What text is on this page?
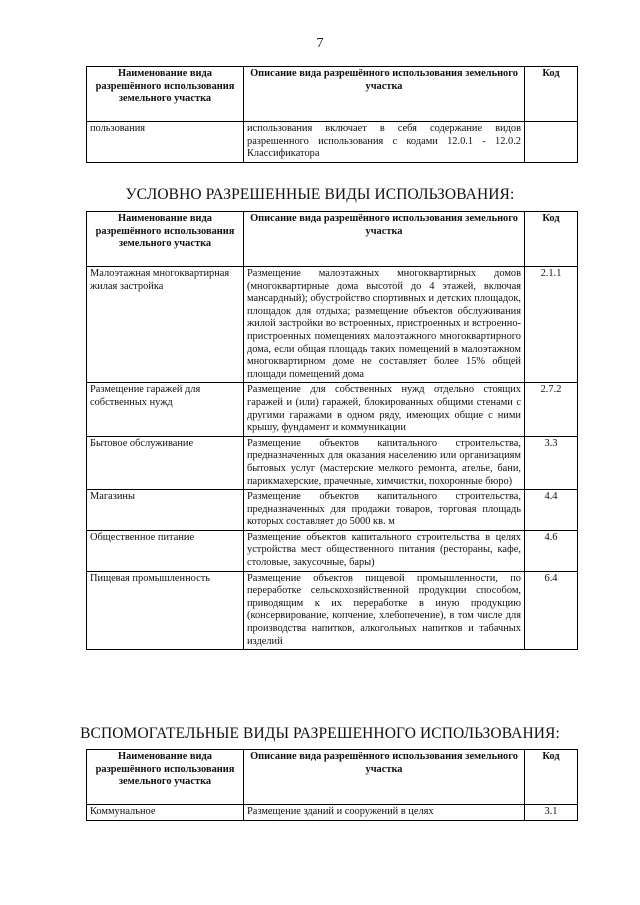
7
Наименование вида разрешённого использования земельного участка	Описание вида разрешённого использования земельного участка	Код
пользования	использования включает в себя содержание видов разрешенного использования с кодами 12.0.1 - 12.0.2 Классификатора	
УСЛОВНО РАЗРЕШЕННЫЕ ВИДЫ ИСПОЛЬЗОВАНИЯ:
Наименование вида разрешённого использования земельного участка	Описание вида разрешённого использования земельного участка	Код
Малоэтажная многоквартирная жилая застройка	Размещение малоэтажных многоквартирных домов (многоквартирные дома высотой до 4 этажей, включая мансардный); обустройство спортивных и детских площадок, площадок для отдыха; размещение объектов обслуживания жилой застройки во встроенных, пристроенных и встроенно-пристроенных помещениях малоэтажного многоквартирного дома, если общая площадь таких помещений в малоэтажном многоквартирном доме не составляет более 15% общей площади помещений дома	2.1.1
Размещение гаражей для собственных нужд	Размещение для собственных нужд отдельно стоящих гаражей и (или) гаражей, блокированных общими стенами с другими гаражами в одном ряду, имеющих общие с ними крышу, фундамент и коммуникации	2.7.2
Бытовое обслуживание	Размещение объектов капитального строительства, предназначенных для оказания населению или организациям бытовых услуг (мастерские мелкого ремонта, ателье, бани, парикмахерские, прачечные, химчистки, похоронные бюро)	3.3
Магазины	Размещение объектов капитального строительства, предназначенных для продажи товаров, торговая площадь которых составляет до 5000 кв. м	4.4
Общественное питание	Размещение объектов капитального строительства в целях устройства мест общественного питания (рестораны, кафе, столовые, закусочные, бары)	4.6
Пищевая промышленность	Размещение объектов пищевой промышленности, по переработке сельскохозяйственной продукции способом, приводящим к их переработке в иную продукцию (консервирование, копчение, хлебопечение), в том числе для производства напитков, алкогольных напитков и табачных изделий	6.4
ВСПОМОГАТЕЛЬНЫЕ ВИДЫ РАЗРЕШЕННОГО ИСПОЛЬЗОВАНИЯ:
Наименование вида разрешённого использования земельного участка	Описание вида разрешённого использования земельного участка	Код
Коммунальное	Размещение зданий и сооружений в целях	3.1
